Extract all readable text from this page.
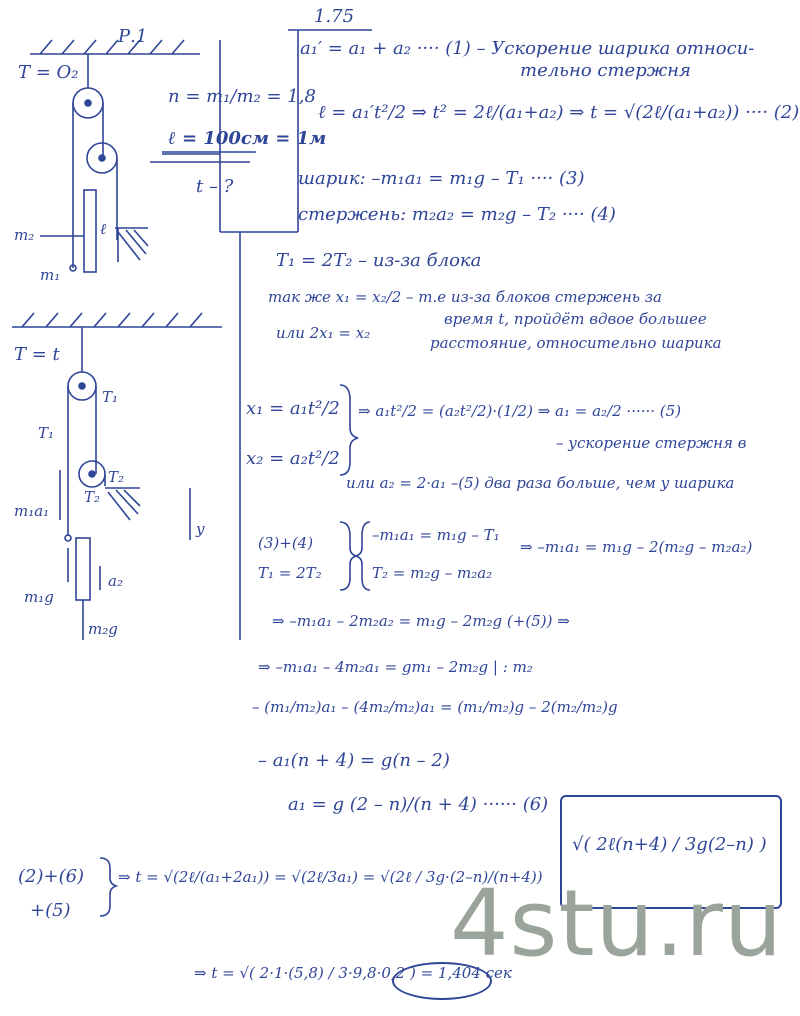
Р.1
T = O₂
n = m₁/m₂ = 1,8
ℓ = 100см = 1м
t – ?
m₂	ℓ
m₁
T = t
T₁
T₁
T₂
T₂
m₁a₁
m₁g
a₂
m₂g
y
1.75
a₁′ = a₁ + a₂ ···· (1) – Ускорение шарика отноcи-
тельно стержня
ℓ = a₁′t²/2 ⇒ t² = 2ℓ/(a₁+a₂) ⇒ t = √(2ℓ/(a₁+a₂)) ···· (2)
шарик: –m₁a₁ = m₁g – T₁ ···· (3)
стержень: m₂a₂ = m₂g – T₂ ···· (4)
T₁ = 2T₂ – из-за блока
так же x₁ = x₂/2 – т.е из-за блоков стержень за
время t, пройдёт вдвое большее
или 2x₁ = x₂
расстояние, относительно шарика
x₁ = a₁t²/2
x₂ = a₂t²/2
⇒ a₁t²/2 = (a₂t²/2)·(1/2) ⇒ a₁ = a₂/2 ······ (5)
– ускорение стержня в
или a₂ = 2·a₁ –(5) два раза больше, чем у шарика
(3)+(4)
T₁ = 2T₂
–m₁a₁ = m₁g – T₁
T₂ = m₂g – m₂a₂
⇒ –m₁a₁ = m₁g – 2(m₂g – m₂a₂)
⇒ –m₁a₁ – 2m₂a₂ = m₁g – 2m₂g (+(5)) ⇒
⇒ –m₁a₁ – 4m₂a₁ = gm₁ – 2m₂g | : m₂
– (m₁/m₂)a₁ – (4m₂/m₂)a₁ = (m₁/m₂)g – 2(m₂/m₂)g
– a₁(n + 4) = g(n – 2)
a₁ = g (2 – n)/(n + 4) ······ (6)
(2)+(6)
+(5)
⇒ t = √(2ℓ/(a₁+2a₁)) = √(2ℓ/3a₁) = √(2ℓ / 3g·(2–n)/(n+4))
√( 2ℓ(n+4) / 3g(2–n) )
⇒ t = √( 2·1·(5,8) / 3·9,8·0,2 ) = 1,404 сек
4stu.ru
